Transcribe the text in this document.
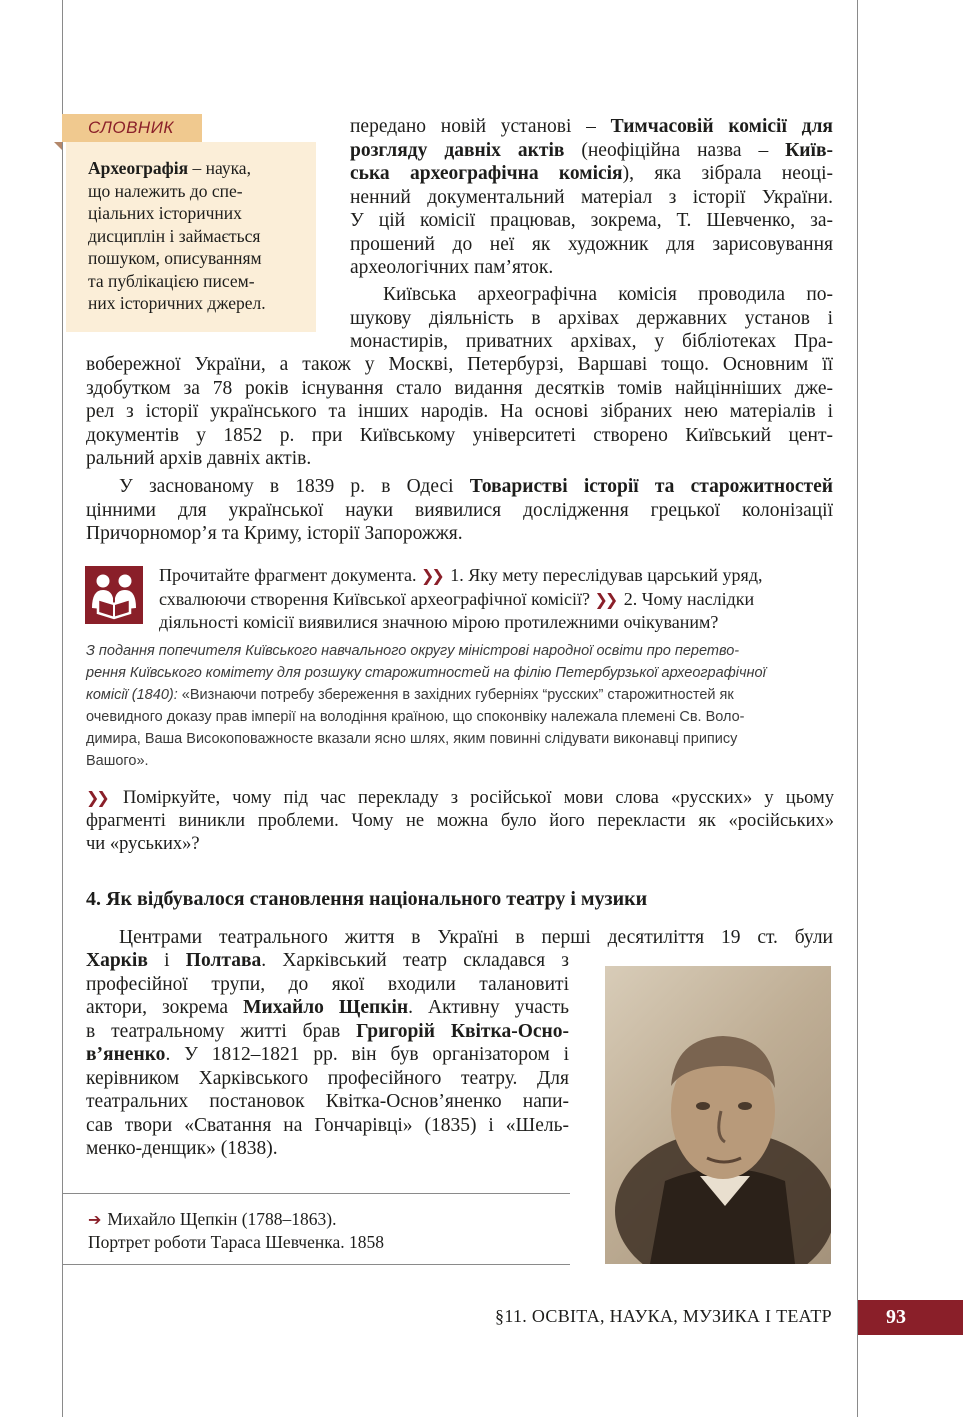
СЛОВНИК
Археографія – наука,
що належить до спе-
ціальних історичних
дисциплін і займається
пошуком, описуванням
та публікацією писем-
них історичних джерел.
передано новій установі – Тимчасовій комісії для
розгляду давніх актів (неофіційна назва – Київ-
ська археографічна комісія), яка зібрала неоці-
ненний документальний матеріал з історії України.
У цій комісії працював, зокрема, Т. Шевченко, за-
прошений до неї як художник для зарисовування
археологічних пам’яток.
Київська археографічна комісія проводила по-
шукову діяльність в архівах державних установ і
монастирів, приватних архівах, у бібліотеках Пра-
вобережної України, а також у Москві, Петербурзі, Варшаві тощо. Основним її
здобутком за 78 років існування стало видання десятків томів найцінніших дже-
рел з історії українського та інших народів. На основі зібраних нею матеріалів і
документів у 1852 р. при Київському університеті створено Київський цент-
ральний архів давніх актів.
У заснованому в 1839 р. в Одесі Товаристві історії та старожитностей
цінними для української науки виявилися дослідження грецької колонізації
Причорномор’я та Криму, історії Запорожжя.
Прочитайте фрагмент документа. ❯❯ 1. Яку мету переслідував царський уряд,
схвалюючи створення Київської археографічної комісії? ❯❯ 2. Чому наслідки
діяльності комісії виявилися значною мірою протилежними очікуваним?
З подання попечителя Київського навчального округу міністрові народної освіти про перетво-
рення Київського комітету для розшуку старожитностей на філію Петербурзької археографічної
комісії (1840): «Визнаючи потребу збереження в західних губерніях “русских” старожитностей як
очевидного доказу прав імперії на володіння країною, що споконвіку належала племені Св. Воло-
димира, Ваша Високоповажносте вказали ясно шлях, яким повинні слідувати виконавці припису
Вашого».
❯❯ Поміркуйте, чому під час перекладу з російської мови слова «русских» у цьому
фрагменті виникли проблеми. Чому не можна було його перекласти як «російських»
чи «руських»?
4. Як відбувалося становлення національного театру і музики
Центрами театрального життя в Україні в перші десятиліття 19 ст. були
Харків і Полтава. Харківський театр складався з
професійної трупи, до якої входили талановиті
актори, зокрема Михайло Щепкін. Активну участь
в театральному житті брав Григорій Квітка-Осно-
в’яненко. У 1812–1821 рр. він був організатором і
керівником Харківського професійного театру. Для
театральних постановок Квітка-Основ’яненко напи-
сав твори «Сватання на Гончарівці» (1835) і «Шель-
менко-денщик» (1838).
➔ Михайло Щепкін (1788–1863).
Портрет роботи Тараса Шевченка. 1858
§11. ОСВІТА, НАУКА, МУЗИКА І ТЕАТР	93
